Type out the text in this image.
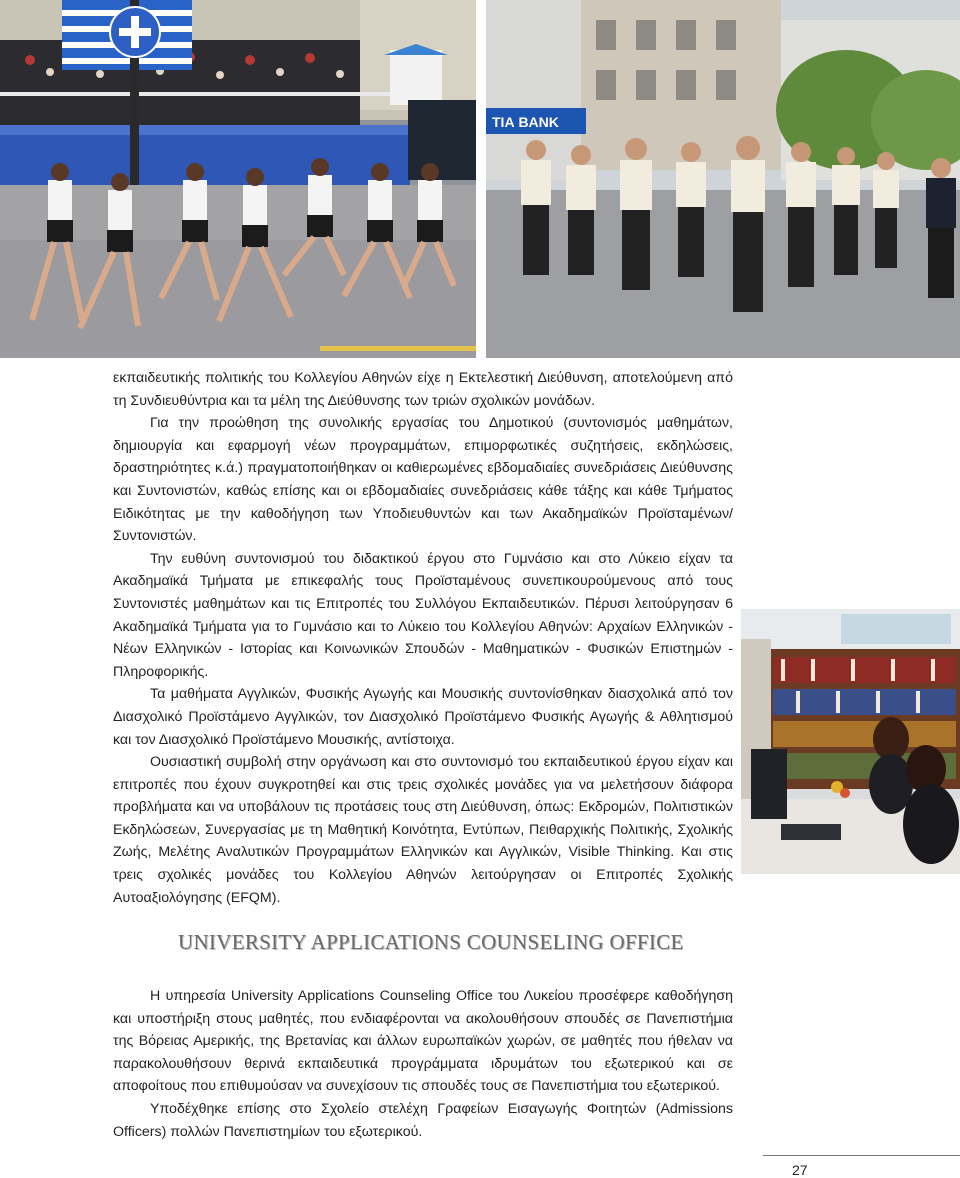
ΤΙΑ BANK

εκπαιδευτικής πολιτικής του Κολλεγίου Αθηνών είχε η Εκτελεστική Διεύθυνση, αποτελούμενη από τη Συνδιευθύντρια και τα μέλη της Διεύθυνσης των τριών σχολικών μονάδων.

Για την προώθηση της συνολικής εργασίας του Δημοτικού (συντονισμός μαθημάτων, δημιουργία και εφαρμογή νέων προγραμμάτων, επιμορφωτικές συζητήσεις, εκδηλώσεις, δραστηριότητες κ.ά.) πραγματοποιήθηκαν οι καθιερωμένες εβδομαδιαίες συνεδριάσεις Διεύθυνσης και Συντονιστών, καθώς επίσης και οι εβδομαδιαίες συνεδριάσεις κάθε τάξης και κάθε Τμήματος Ειδικότητας με την καθοδήγηση των Υποδιευθυντών και των Ακαδημαϊκών Προϊσταμένων/Συντονιστών.

Την ευθύνη συντονισμού του διδακτικού έργου στο Γυμνάσιο και στο Λύκειο είχαν τα Ακαδημαϊκά Τμήματα με επικεφαλής τους Προϊσταμένους συνεπικουρούμενους από τους Συντονιστές μαθημάτων και τις Επιτροπές του Συλλόγου Εκπαιδευτικών. Πέρυσι λειτούργησαν 6 Ακαδημαϊκά Τμήματα για το Γυμνάσιο και το Λύκειο του Κολλεγίου Αθηνών: Αρχαίων Ελληνικών - Νέων Ελληνικών - Ιστορίας και Κοινωνικών Σπουδών - Μαθηματικών - Φυσικών Επιστημών - Πληροφορικής.

Τα μαθήματα Αγγλικών, Φυσικής Αγωγής και Μουσικής συντονίσθηκαν διασχολικά από τον Διασχολικό Προϊστάμενο Αγγλικών, τον Διασχολικό Προϊστάμενο Φυσικής Αγωγής & Αθλητισμού και τον Διασχολικό Προϊστάμενο Μουσικής, αντίστοιχα.

Ουσιαστική συμβολή στην οργάνωση και στο συντονισμό του εκπαιδευτικού έργου είχαν και επιτροπές που έχουν συγκροτηθεί και στις τρεις σχολικές μονάδες για να μελετήσουν διάφορα προβλήματα και να υποβάλουν τις προτάσεις τους στη Διεύθυνση, όπως: Εκδρομών, Πολιτιστικών Εκδηλώσεων, Συνεργασίας με τη Μαθητική Κοινότητα, Εντύπων, Πειθαρχικής Πολιτικής, Σχολικής Ζωής, Μελέτης Αναλυτικών Προγραμμάτων Ελληνικών και Αγγλικών, Visible Thinking. Και στις τρεις σχολικές μονάδες του Κολλεγίου Αθηνών λειτούργησαν οι Επιτροπές Σχολικής Αυτοαξιολόγησης (EFQM).

UNIVERSITY APPLICATIONS COUNSELING OFFICE

Η υπηρεσία University Applications Counseling Office του Λυκείου προσέφερε καθοδήγηση και υποστήριξη στους μαθητές, που ενδιαφέρονται να ακολουθήσουν σπουδές σε Πανεπιστήμια της Βόρειας Αμερικής, της Βρετανίας και άλλων ευρωπαϊκών χωρών, σε μαθητές που ήθελαν να παρακολουθήσουν θερινά εκπαιδευτικά προγράμματα ιδρυμάτων του εξωτερικού και σε αποφοίτους που επιθυμούσαν να συνεχίσουν τις σπουδές τους σε Πανεπιστήμια του εξωτερικού.

Υποδέχθηκε επίσης στο Σχολείο στελέχη Γραφείων Εισαγωγής Φοιτητών (Admissions Officers) πολλών Πανεπιστημίων του εξωτερικού.

27
